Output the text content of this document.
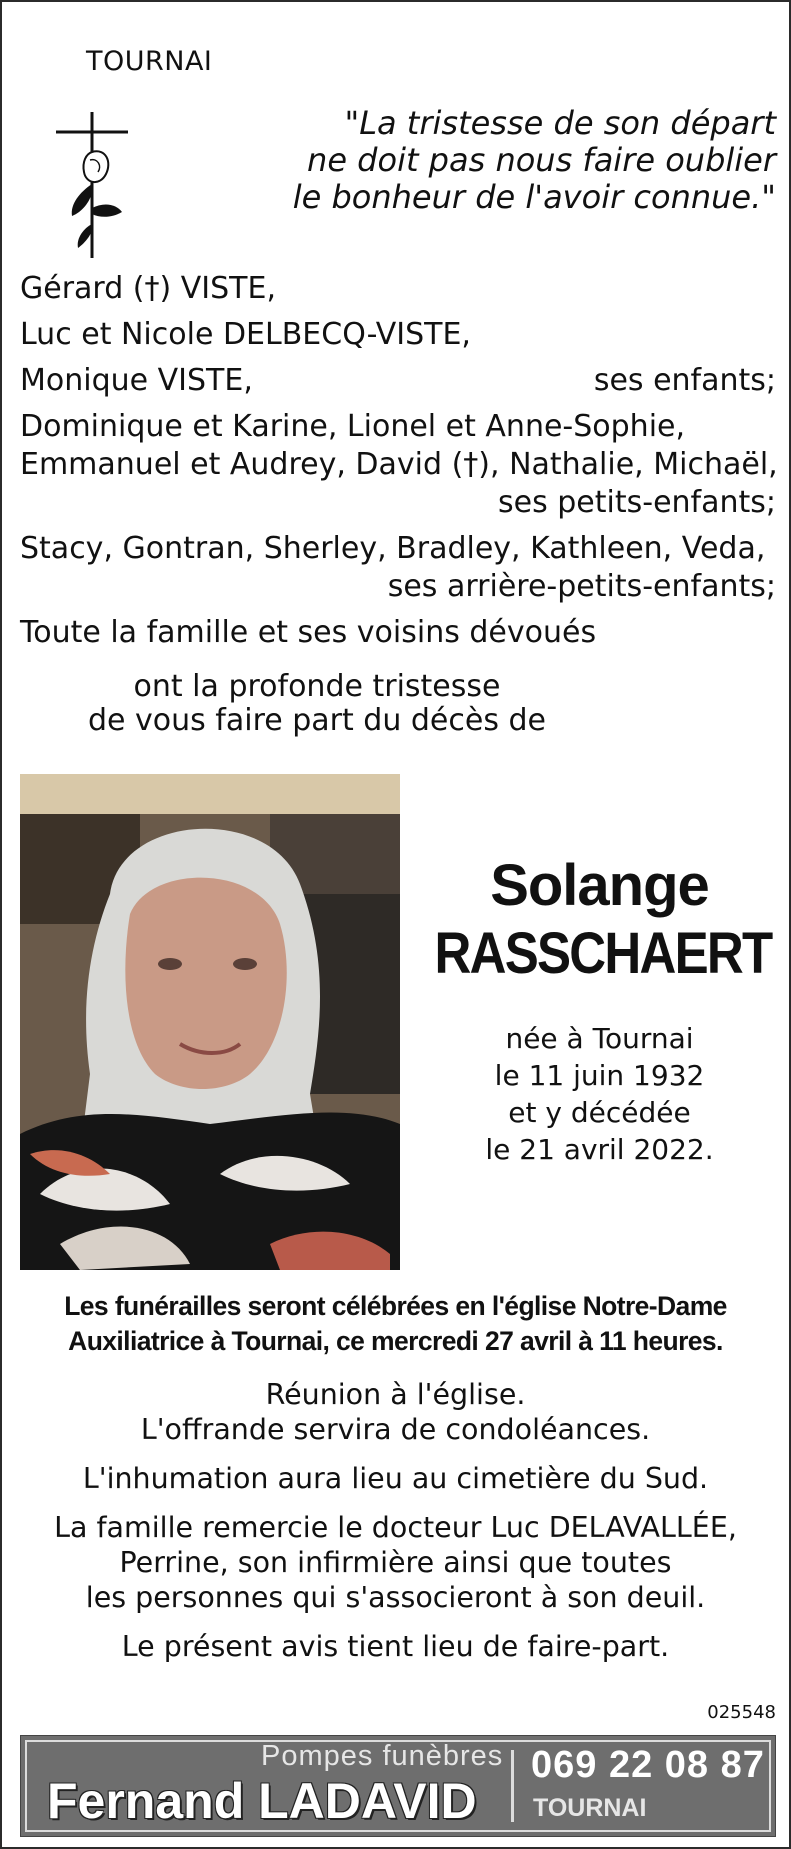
TOURNAI
"La tristesse de son départ
ne doit pas nous faire oublier
le bonheur de l'avoir connue."
Gérard (†) VISTE,
Luc et Nicole DELBECQ-VISTE,
Monique VISTE,	ses enfants;
Dominique et Karine, Lionel et Anne-Sophie,
Emmanuel et Audrey, David (†), Nathalie, Michaël,
ses petits-enfants;
Stacy, Gontran, Sherley, Bradley, Kathleen, Veda,
ses arrière-petits-enfants;
Toute la famille et ses voisins dévoués
ont la profonde tristesse
de vous faire part du décès de
Solange
RASSCHAERT
née à Tournai
le 11 juin 1932
et y décédée
le 21 avril 2022.
Les funérailles seront célébrées en l'église Notre-Dame
Auxiliatrice à Tournai, ce mercredi 27 avril à 11 heures.
Réunion à l'église.
L'offrande servira de condoléances.
L'inhumation aura lieu au cimetière du Sud.
La famille remercie le docteur Luc DELAVALLÉE,
Perrine, son infirmière ainsi que toutes
les personnes qui s'associeront à son deuil.
Le présent avis tient lieu de faire-part.
025548
Pompes funèbres
Fernand LADAVID
069 22 08 87
TOURNAI
